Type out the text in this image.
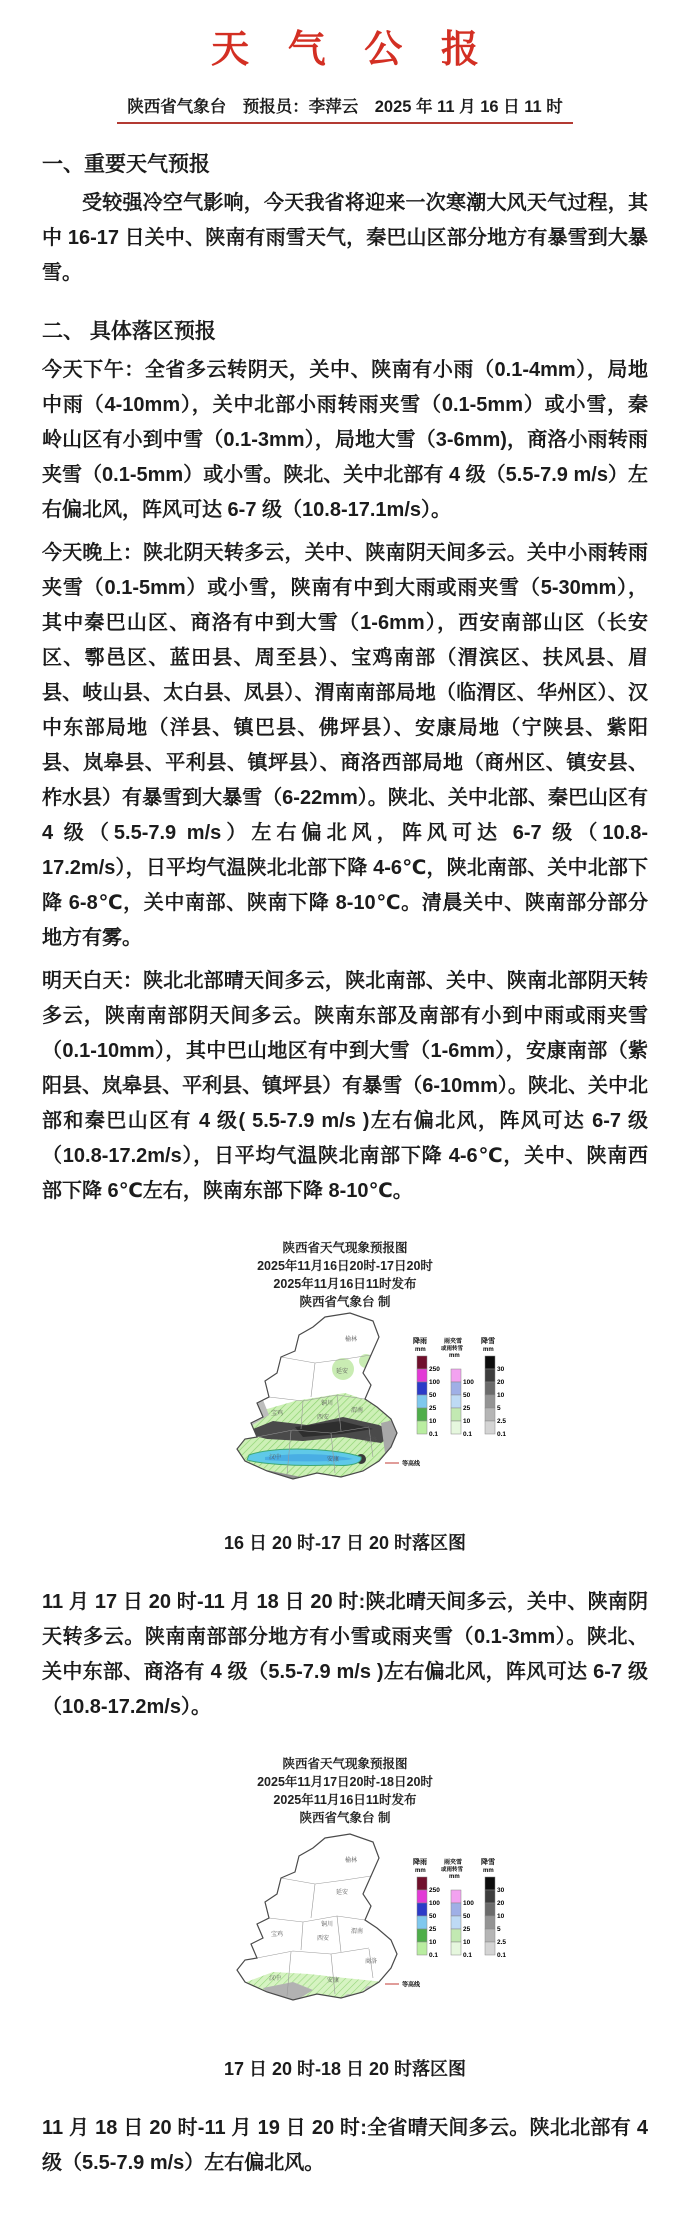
天 气 公 报
陕西省气象台　预报员：李萍云　2025 年 11 月 16 日 11 时
一、重要天气预报

受较强冷空气影响，今天我省将迎来一次寒潮大风天气过程，其中 16-17 日关中、陕南有雨雪天气，秦巴山区部分地方有暴雪到大暴雪。

二、 具体落区预报

今天下午：全省多云转阴天，关中、陕南有小雨（0.1-4mm），局地中雨（4-10mm），关中北部小雨转雨夹雪（0.1-5mm）或小雪，秦岭山区有小到中雪（0.1-3mm），局地大雪（3-6mm)，商洛小雨转雨夹雪（0.1-5mm）或小雪。陕北、关中北部有 4 级（5.5-7.9 m/s）左右偏北风，阵风可达 6-7 级（10.8-17.1m/s）。

今天晚上：陕北阴天转多云，关中、陕南阴天间多云。关中小雨转雨夹雪（0.1-5mm）或小雪，陕南有中到大雨或雨夹雪（5-30mm），其中秦巴山区、商洛有中到大雪（1-6mm），西安南部山区（长安区、鄠邑区、蓝田县、周至县）、宝鸡南部（渭滨区、扶风县、眉县、岐山县、太白县、凤县）、渭南南部局地（临渭区、华州区）、汉中东部局地（洋县、镇巴县、佛坪县）、安康局地（宁陕县、紫阳县、岚皋县、平利县、镇坪县）、商洛西部局地（商州区、镇安县、柞水县）有暴雪到大暴雪（6-22mm）。陕北、关中北部、秦巴山区有 4 级（5.5-7.9 m/s）左右偏北风，阵风可达 6-7 级（10.8-17.2m/s），日平均气温陕北北部下降 4-6℃，陕北南部、关中北部下降 6-8℃，关中南部、陕南下降 8-10℃。清晨关中、陕南部分部分地方有雾。

明天白天：陕北北部晴天间多云，陕北南部、关中、陕南北部阴天转多云，陕南南部阴天间多云。陕南东部及南部有小到中雨或雨夹雪（0.1-10mm），其中巴山地区有中到大雪（1-6mm），安康南部（紫阳县、岚皋县、平利县、镇坪县）有暴雪（6-10mm）。陕北、关中北部和秦巴山区有 4 级( 5.5-7.9 m/s )左右偏北风，阵风可达 6-7 级（10.8-17.2m/s），日平均气温陕北南部下降 4-6℃，关中、陕南西部下降 6℃左右，陕南东部下降 8-10℃。

陕西省天气现象预报图
2025年11月16日20时-17日20时
2025年11月16日11时发布
陕西省气象台 制
榆林
延安
铜川
渭南
西安
宝鸡
汉中	安康
商洛
降雨
mm
250
100
50
25
10
0.1
雨夹雪
或雨转雪
mm
100
50
25
10
0.1
降雪
mm
30
20
10
5
2.5
0.1
等高线
16 日 20 时-17 日 20 时落区图

11 月 17 日 20 时-11 月 18 日 20 时:陕北晴天间多云，关中、陕南阴天转多云。陕南南部部分地方有小雪或雨夹雪（0.1-3mm）。陕北、关中东部、商洛有 4 级（5.5-7.9 m/s )左右偏北风，阵风可达 6-7 级（10.8-17.2m/s）。

陕西省天气现象预报图
2025年11月17日20时-18日20时
2025年11月16日11时发布
陕西省气象台 制
榆林
延安
铜川
渭南
西安
宝鸡
汉中	安康
商洛
降雨
mm
250
100
50
25
10
0.1
雨夹雪
或雨转雪
mm
100
50
25
10
0.1
降雪
mm
30
20
10
5
2.5
0.1
等高线
17 日 20 时-18 日 20 时落区图

11 月 18 日 20 时-11 月 19 日 20 时:全省晴天间多云。陕北北部有 4 级（5.5-7.9 m/s）左右偏北风。
